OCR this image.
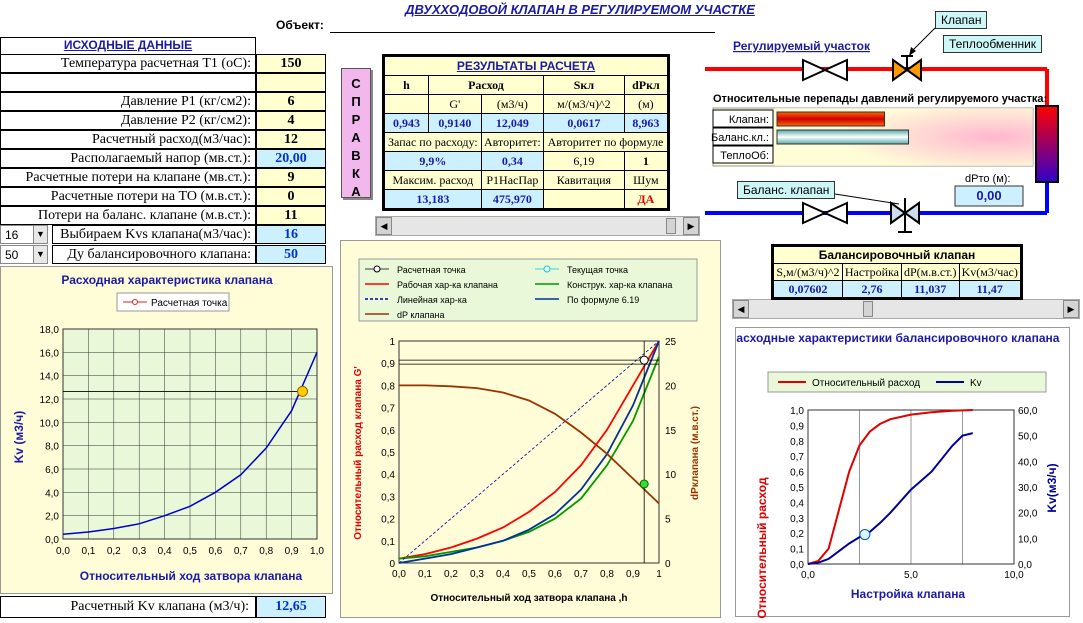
ДВУХХОДОВОЙ КЛАПАН В РЕГУЛИРУЕМОМ УЧАСТКЕ
Объект:
ИСХОДНЫЕ ДАННЫЕ
Температура расчетная Т1 (оС):	150
Давление Р1 (кг/см2):	6
Давление Р2 (кг/см2):	4
Расчетный расход(м3/час):	12
Располагаемый напор (мв.ст.):	20,00
Расчетные потери на клапане (мв.ст.):	9
Расчетные потери на ТО (м.в.ст.):	0
Потери на баланс. клапане (м.в.ст.):	11
Выбираем Kvs клапана(м3/час):	16
Ду балансировочного клапана:	50
16	▼
50	▼
С
П
Р
А
В
К
А
РЕЗУЛЬТАТЫ РАСЧЕТА				
h	Расход		Sкл	dPкл
	G'	(м3/ч)	м/(м3/ч)^2	(м)
0,943	0,9140	12,049	0,0617	8,963
Запас по расходу:		Авторитет:	Авторитет по формуле	
9,9%		0,34	6,19	1
Максим. расход		Р1НасПар	Кавитация	Шум
13,183		475,970		ДА
◀	▶
◀	▶
Регулируемый участок
Относительные перепады давлений регулируемого участка:
Клапан:
Баланс.кл.:
ТеплоОб:
dPто (м):
0,00
Клапан
Теплообменник
Баланс. клапан
Балансировочный клапан			
S,м/(м3/ч)^2	Настройка	dP(м.в.ст.)	Kv(м3/час)
0,07602	2,76	11,037	11,47
Расходная характеристика клапана
Расчетная точка
0,0
2,0
4,0
6,0
8,0
10,0
12,0
14,0
16,0
18,0
0,0 0,1 0,2 0,3 0,4 0,5 0,6 0,7 0,8 0,9 1,0
Относительный ход затвора клапана
Kv (м3/ч)
Расчетная точка	Текущая точка
Рабочая хар-ка клапана	Конструк. хар-ка клапана
Линейная хар-ка	По формуле 6.19
dP клапана
0
0,1
0,2
0,3
0,4
0,5
0,6
0,7
0,8
0,9
1
0
5
10
15
20
25
0,0 0,1 0,2 0,3 0,4 0,5 0,6 0,7 0,8 0,9 1
Относительный ход затвора клапана ,h
Относительный расход клапана G'	dPклапана (м.в.ст.)
Расходные характеристики балансировочного клапана
Относительный расход	Kv
0,0
0,1
0,2
0,3
0,4
0,5
0,6
0,7
0,8
0,9
1,0
0,0
10,0
20,0
30,0
40,0
50,0
60,0
0,0	5,0	10,0
Настройка клапана
Относительный расход	Kv(м3/ч)
Расчетный Kv клапана (м3/ч):	12,65
